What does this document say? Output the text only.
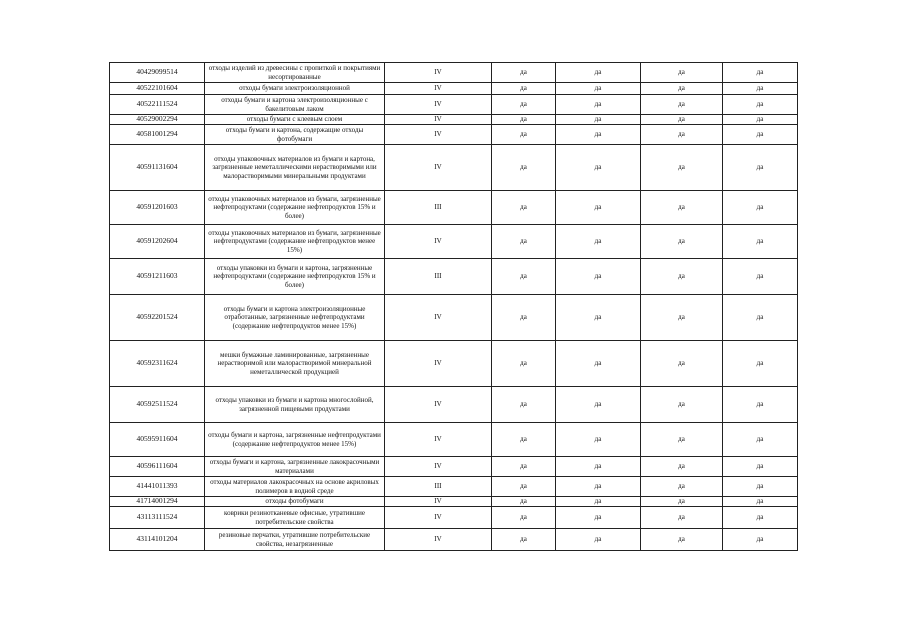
40429099514	отходы изделий из древесины с пропиткой и покрытиями несортированные	IV	да	да	да	да
40522101604	отходы бумаги электроизоляционной	IV	да	да	да	да
40522111524	отходы бумаги и картона электроизоляционные с бакелитовым лаком	IV	да	да	да	да
40529002294	отходы бумаги с клеевым слоем	IV	да	да	да	да
40581001294	отходы бумаги и картона, содержащие отходы фотобумаги	IV	да	да	да	да
40591131604	отходы упаковочных материалов из бумаги и картона, загрязненные неметаллическими нерастворимыми или малорастворимыми минеральными продуктами	IV	да	да	да	да
40591201603	отходы упаковочных материалов из бумаги, загрязненные нефтепродуктами (содержание нефтепродуктов 15% и более)	III	да	да	да	да
40591202604	отходы упаковочных материалов из бумаги, загрязненные нефтепродуктами (содержание нефтепродуктов менее 15%)	IV	да	да	да	да
40591211603	отходы упаковки из бумаги и картона, загрязненные нефтепродуктами (содержание нефтепродуктов 15% и более)	III	да	да	да	да
40592201524	отходы бумаги и картона электроизоляционные отработанные, загрязненные нефтепродуктами (содержание нефтепродуктов менее 15%)	IV	да	да	да	да
40592311624	мешки бумажные ламинированные, загрязненные нерастворимой или малорастворимой минеральной неметаллической продукцией	IV	да	да	да	да
40592511524	отходы упаковки из бумаги и картона многослойной, загрязненной пищевыми продуктами	IV	да	да	да	да
40595911604	отходы бумаги и картона, загрязненные нефтепродуктами (содержание нефтепродуктов менее 15%)	IV	да	да	да	да
40596111604	отходы бумаги и картона, загрязненные лакокрасочными материалами	IV	да	да	да	да
41441011393	отходы материалов лакокрасочных на основе акриловых полимеров в водной среде	III	да	да	да	да
41714001294	отходы фотобумаги	IV	да	да	да	да
43113111524	коврики резинотканевые офисные, утратившие потребительские свойства	IV	да	да	да	да
43114101204	резиновые перчатки, утратившие потребительские свойства, незагрязненные	IV	да	да	да	да
